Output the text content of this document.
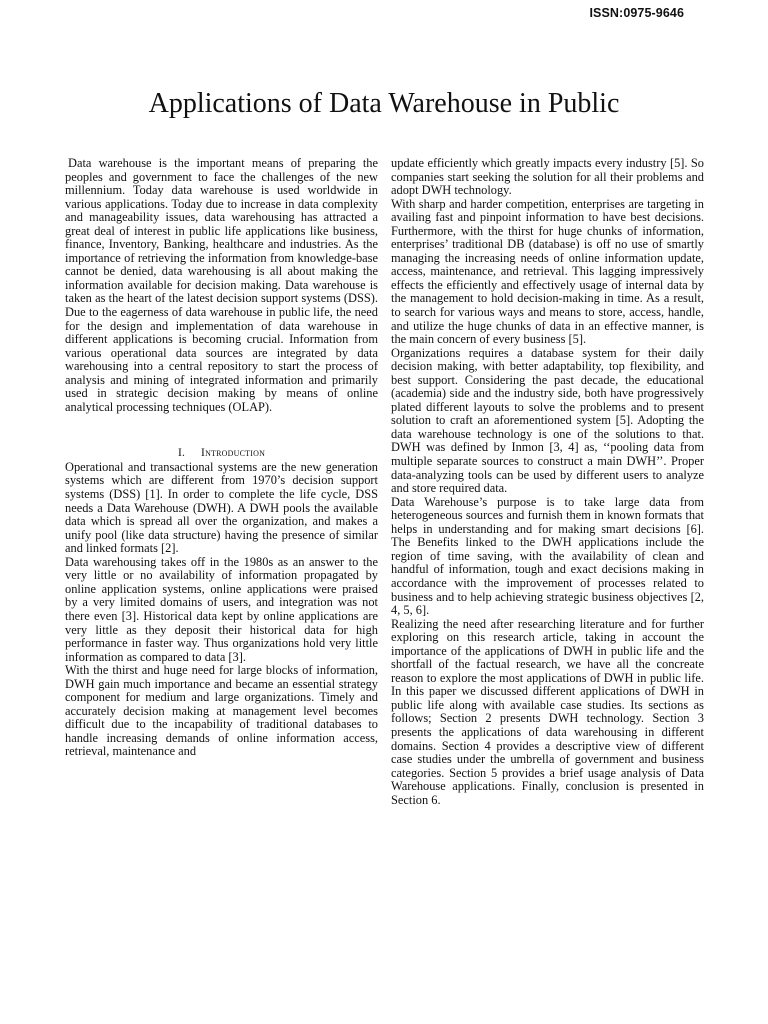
ISSN:0975-9646
Applications of Data Warehouse in Public

Data warehouse is the important means of preparing the peoples and government to face the challenges of the new millennium. Today data warehouse is used worldwide in various applications. Today due to increase in data complexity and manageability issues, data warehousing has attracted a great deal of interest in public life applications like business, finance, Inventory, Banking, healthcare and industries. As the importance of retrieving the information from knowledge-base cannot be denied, data warehousing is all about making the information available for decision making. Data warehouse is taken as the heart of the latest decision support systems (DSS). Due to the eagerness of data warehouse in public life, the need for the design and implementation of data warehouse in different applications is becoming crucial. Information from various operational data sources are integrated by data warehousing into a central repository to start the process of analysis and mining of integrated information and primarily used in strategic decision making by means of online analytical processing techniques (OLAP).

I. Introduction

Operational and transactional systems are the new generation systems which are different from 1970’s decision support systems (DSS) [1]. In order to complete the life cycle, DSS needs a Data Warehouse (DWH). A DWH pools the available data which is spread all over the organization, and makes a unify pool (like data structure) having the presence of similar and linked formats [2].

Data warehousing takes off in the 1980s as an answer to the very little or no availability of information propagated by online application systems, online applications were praised by a very limited domains of users, and integration was not there even [3]. Historical data kept by online applications are very little as they deposit their historical data for high performance in faster way. Thus organizations hold very little information as compared to data [3].

With the thirst and huge need for large blocks of information, DWH gain much importance and became an essential strategy component for medium and large organizations. Timely and accurately decision making at management level becomes difficult due to the incapability of traditional databases to handle increasing demands of online information access, retrieval, maintenance and

update efficiently which greatly impacts every industry [5]. So companies start seeking the solution for all their problems and adopt DWH technology.

With sharp and harder competition, enterprises are targeting in availing fast and pinpoint information to have best decisions. Furthermore, with the thirst for huge chunks of information, enterprises’ traditional DB (database) is off no use of smartly managing the increasing needs of online information update, access, maintenance, and retrieval. This lagging impressively effects the efficiently and effectively usage of internal data by the management to hold decision-making in time. As a result, to search for various ways and means to store, access, handle, and utilize the huge chunks of data in an effective manner, is the main concern of every business [5].

Organizations requires a database system for their daily decision making, with better adaptability, top flexibility, and best support. Considering the past decade, the educational (academia) side and the industry side, both have progressively plated different layouts to solve the problems and to present solution to craft an aforementioned system [5]. Adopting the data warehouse technology is one of the solutions to that. DWH was defined by Inmon [3, 4] as, ‘‘pooling data from multiple separate sources to construct a main DWH’’. Proper data-analyzing tools can be used by different users to analyze and store required data.

Data Warehouse’s purpose is to take large data from heterogeneous sources and furnish them in known formats that helps in understanding and for making smart decisions [6]. The Benefits linked to the DWH applications include the region of time saving, with the availability of clean and handful of information, tough and exact decisions making in accordance with the improvement of processes related to business and to help achieving strategic business objectives [2, 4, 5, 6].

Realizing the need after researching literature and for further exploring on this research article, taking in account the importance of the applications of DWH in public life and the shortfall of the factual research, we have all the concreate reason to explore the most applications of DWH in public life. In this paper we discussed different applications of DWH in public life along with available case studies. Its sections as follows; Section 2 presents DWH technology. Section 3 presents the applications of data warehousing in different domains. Section 4 provides a descriptive view of different case studies under the umbrella of government and business categories. Section 5 provides a brief usage analysis of Data Warehouse applications. Finally, conclusion is presented in Section 6.
